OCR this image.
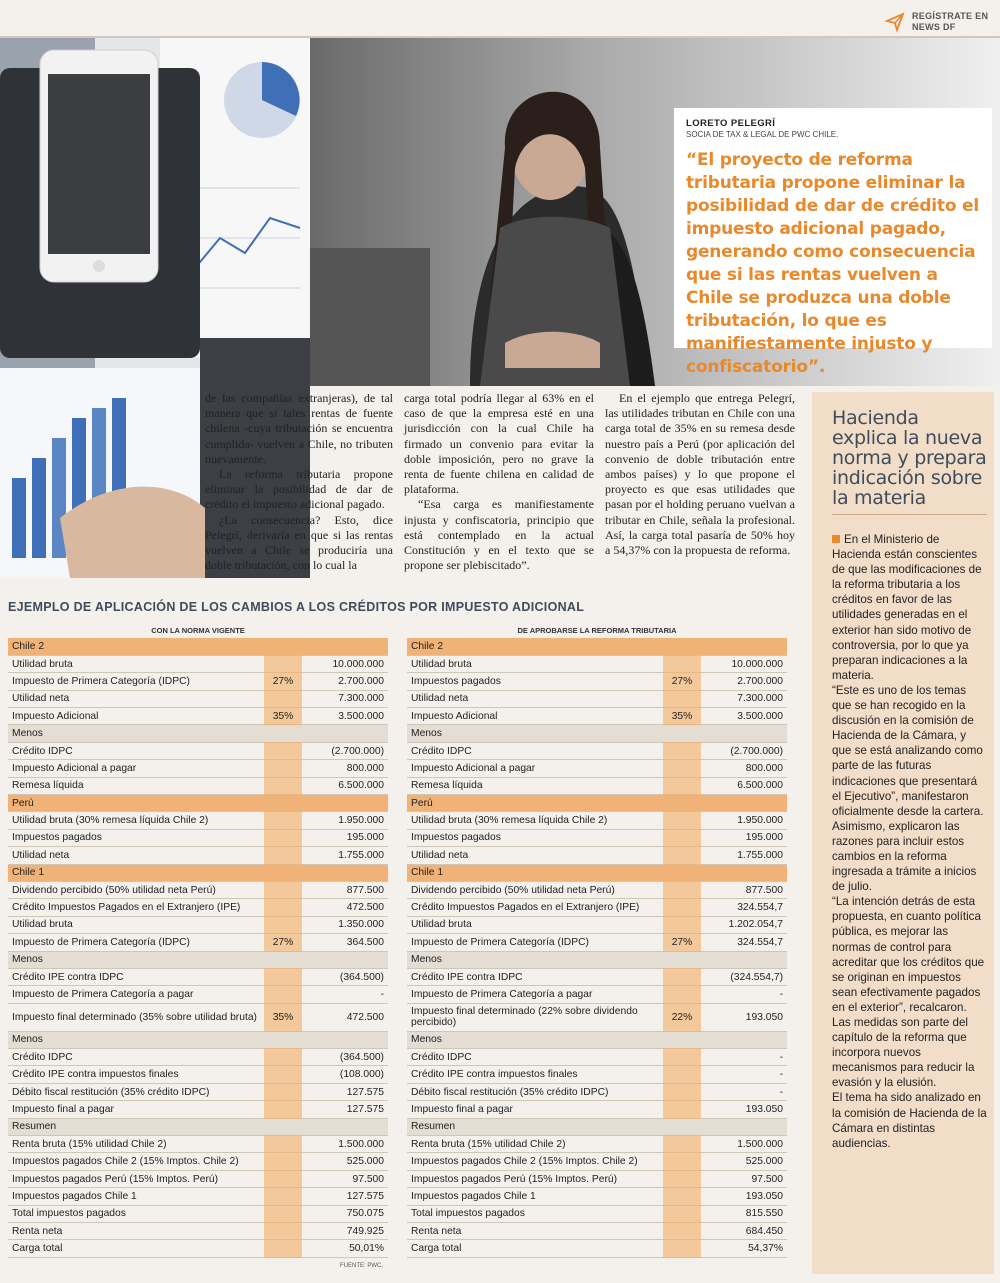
REGÍSTRATE EN
NEWS DF
LORETO PELEGRÍ
SOCIA DE TAX & LEGAL DE PWC CHILE.
“El proyecto de reforma tributaria propone eliminar la posibilidad de dar de crédito el impuesto adicional pagado, generando como consecuencia que si las rentas vuelven a Chile se produzca una doble tributación, lo que es manifiestamente injusto y confiscatorio”.

de las compañías extranjeras), de tal manera que si tales rentas de fuente chilena -cuya tributación se encuentra cumplida- vuelven a Chile, no tributen nuevamente.

La reforma tributaria propone eliminar la posibilidad de dar de crédito el impuesto adicional pagado.

¿La consecuencia? Esto, dice Pelegrí, derivaría en que si las rentas vuelven a Chile se produciría una doble tributación, con lo cual la

carga total podría llegar al 63% en el caso de que la empresa esté en una jurisdicción con la cual Chile ha firmado un convenio para evitar la doble imposición, pero no grave la renta de fuente chilena en calidad de plataforma.

“Esa carga es manifiestamente injusta y confiscatoria, principio que está contemplado en la actual Constitución y en el texto que se propone ser plebiscitado”.

En el ejemplo que entrega Pelegrí, las utilidades tributan en Chile con una carga total de 35% en su remesa desde nuestro país a Perú (por aplicación del convenio de doble tributación entre ambos países) y lo que propone el proyecto es que esas utilidades que pasan por el holding peruano vuelvan a tributar en Chile, señala la profesional. Así, la carga total pasaría de 50% hoy a 54,37% con la propuesta de reforma.

Hacienda explica la nueva norma y prepara indicación sobre la materia

En el Ministerio de Hacienda están conscientes de que las modificaciones de la reforma tributaria a los créditos en favor de las utilidades generadas en el exterior han sido motivo de controversia, por lo que ya preparan indicaciones a la materia.

“Este es uno de los temas que se han recogido en la discusión en la comisión de Hacienda de la Cámara, y que se está analizando como parte de las futuras indicaciones que presentará el Ejecutivo”, manifestaron oficialmente desde la cartera.

Asimismo, explicaron las razones para incluir estos cambios en la reforma ingresada a trámite a inicios de julio.

“La intención detrás de esta propuesta, en cuanto política pública, es mejorar las normas de control para acreditar que los créditos que se originan en impuestos sean efectivamente pagados en el exterior”, recalcaron.

Las medidas son parte del capítulo de la reforma que incorpora nuevos mecanismos para reducir la evasión y la elusión.

El tema ha sido analizado en la comisión de Hacienda de la Cámara en distintas audiencias.

EJEMPLO DE APLICACIÓN DE LOS CAMBIOS A LOS CRÉDITOS POR IMPUESTO ADICIONAL
CON LA NORMA VIGENTE	DE APROBARSE LA REFORMA TRIBUTARIA
Chile 2		
Utilidad bruta		10.000.000
Impuesto de Primera Categoría (IDPC)	27%	2.700.000
Utilidad neta		7.300.000
Impuesto Adicional	35%	3.500.000
Menos		
Crédito IDPC		(2.700.000)
Impuesto Adicional a pagar		800.000
Remesa líquida		6.500.000
Perú		
Utilidad bruta (30% remesa líquida Chile 2)		1.950.000
Impuestos pagados		195.000
Utilidad neta		1.755.000
Chile 1		
Dividendo percibido (50% utilidad neta Perú)		877.500
Crédito Impuestos Pagados en el Extranjero (IPE)		472.500
Utilidad bruta		1.350.000
Impuesto de Primera Categoría (IDPC)	27%	364.500
Menos		
Crédito IPE contra IDPC		(364.500)
Impuesto de Primera Categoría a pagar		-
Impuesto final determinado (35% sobre utilidad bruta)	35%	472.500
Menos		
Crédito IDPC		(364.500)
Crédito IPE contra impuestos finales		(108.000)
Débito fiscal restitución (35% crédito IDPC)		127.575
Impuesto final a pagar		127.575
Resumen		
Renta bruta (15% utilidad Chile 2)		1.500.000
Impuestos pagados Chile 2 (15% Imptos. Chile 2)		525.000
Impuestos pagados Perú (15% Imptos. Perú)		97.500
Impuestos pagados Chile 1		127.575
Total impuestos pagados		750.075
Renta neta		749.925
Carga total		50,01%
Chile 2		
Utilidad bruta		10.000.000
Impuestos pagados	27%	2.700.000
Utilidad neta		7.300.000
Impuesto Adicional	35%	3.500.000
Menos		
Crédito IDPC		(2.700.000)
Impuesto Adicional a pagar		800.000
Remesa líquida		6.500.000
Perú		
Utilidad bruta (30% remesa líquida Chile 2)		1.950.000
Impuestos pagados		195.000
Utilidad neta		1.755.000
Chile 1		
Dividendo percibido (50% utilidad neta Perú)		877.500
Crédito Impuestos Pagados en el Extranjero (IPE)		324.554,7
Utilidad bruta		1.202.054,7
Impuesto de Primera Categoría (IDPC)	27%	324.554,7
Menos		
Crédito IPE contra IDPC		(324.554,7)
Impuesto de Primera Categoría a pagar		-
Impuesto final determinado (22% sobre dividendo percibido)	22%	193.050
Menos		
Crédito IDPC		-
Crédito IPE contra impuestos finales		-
Débito fiscal restitución (35% crédito IDPC)		-
Impuesto final a pagar		193.050
Resumen		
Renta bruta (15% utilidad Chile 2)		1.500.000
Impuestos pagados Chile 2 (15% Imptos. Chile 2)		525.000
Impuestos pagados Perú (15% Imptos. Perú)		97.500
Impuestos pagados Chile 1		193.050
Total impuestos pagados		815.550
Renta neta		684.450
Carga total		54,37%
FUENTE: PWC.
